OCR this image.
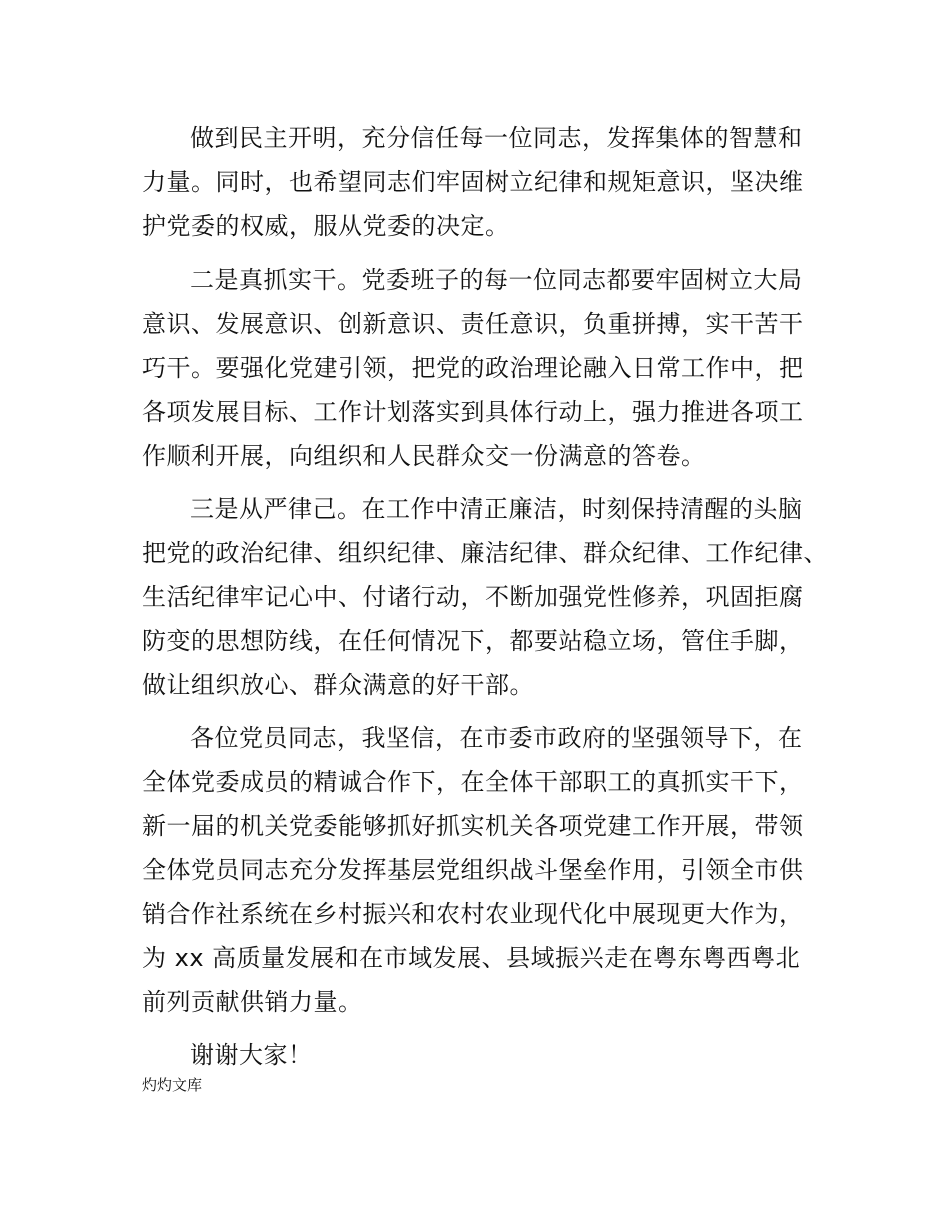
做到民主开明，充分信任每一位同志，发挥集体的智慧和
力量。同时，也希望同志们牢固树立纪律和规矩意识，坚决维
护党委的权威，服从党委的决定。
二是真抓实干。党委班子的每一位同志都要牢固树立大局
意识、发展意识、创新意识、责任意识，负重拼搏，实干苦干
巧干。要强化党建引领，把党的政治理论融入日常工作中，把
各项发展目标、工作计划落实到具体行动上，强力推进各项工
作顺利开展，向组织和人民群众交一份满意的答卷。
三是从严律己。在工作中清正廉洁，时刻保持清醒的头脑
把党的政治纪律、组织纪律、廉洁纪律、群众纪律、工作纪律、
生活纪律牢记心中、付诸行动，不断加强党性修养，巩固拒腐
防变的思想防线，在任何情况下，都要站稳立场，管住手脚，
做让组织放心、群众满意的好干部。
各位党员同志，我坚信，在市委市政府的坚强领导下，在
全体党委成员的精诚合作下，在全体干部职工的真抓实干下，
新一届的机关党委能够抓好抓实机关各项党建工作开展，带领
全体党员同志充分发挥基层党组织战斗堡垒作用，引领全市供
销合作社系统在乡村振兴和农村农业现代化中展现更大作为，
为 xx 高质量发展和在市域发展、县域振兴走在粤东粤西粤北
前列贡献供销力量。
谢谢大家！
灼灼文库
